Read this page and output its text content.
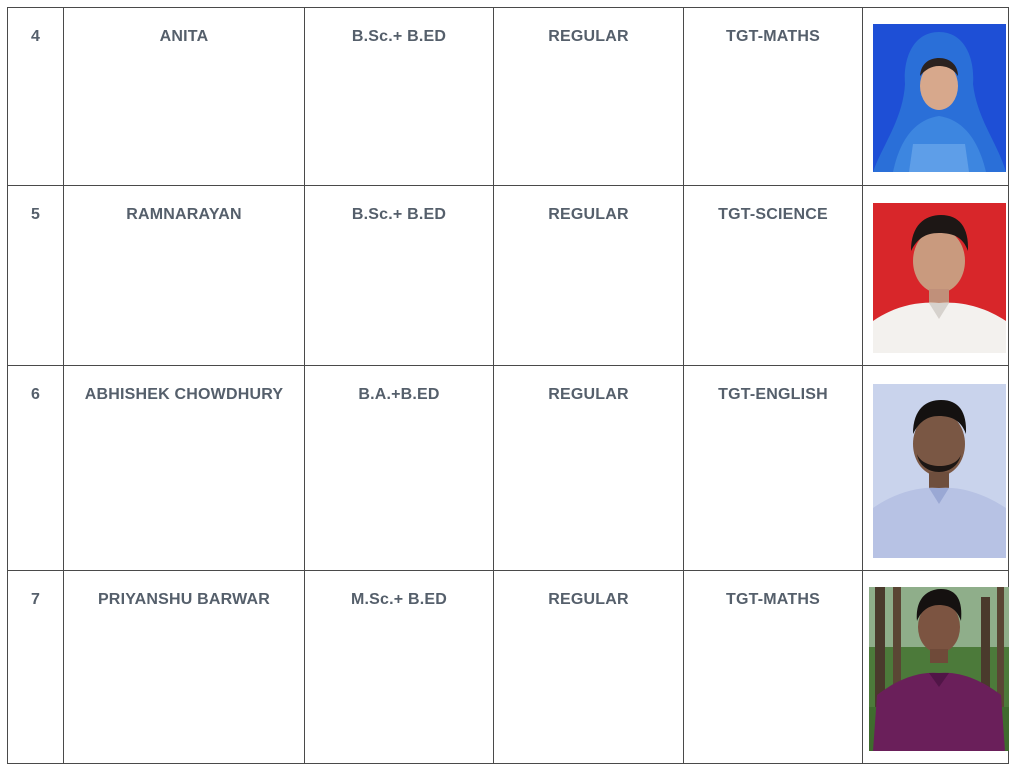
4	ANITA	B.Sc.+ B.ED	REGULAR	TGT-MATHS
5	RAMNARAYAN	B.Sc.+ B.ED	REGULAR	TGT-SCIENCE
6	ABHISHEK CHOWDHURY	B.A.+B.ED	REGULAR	TGT-ENGLISH
7	PRIYANSHU BARWAR	M.Sc.+ B.ED	REGULAR	TGT-MATHS
